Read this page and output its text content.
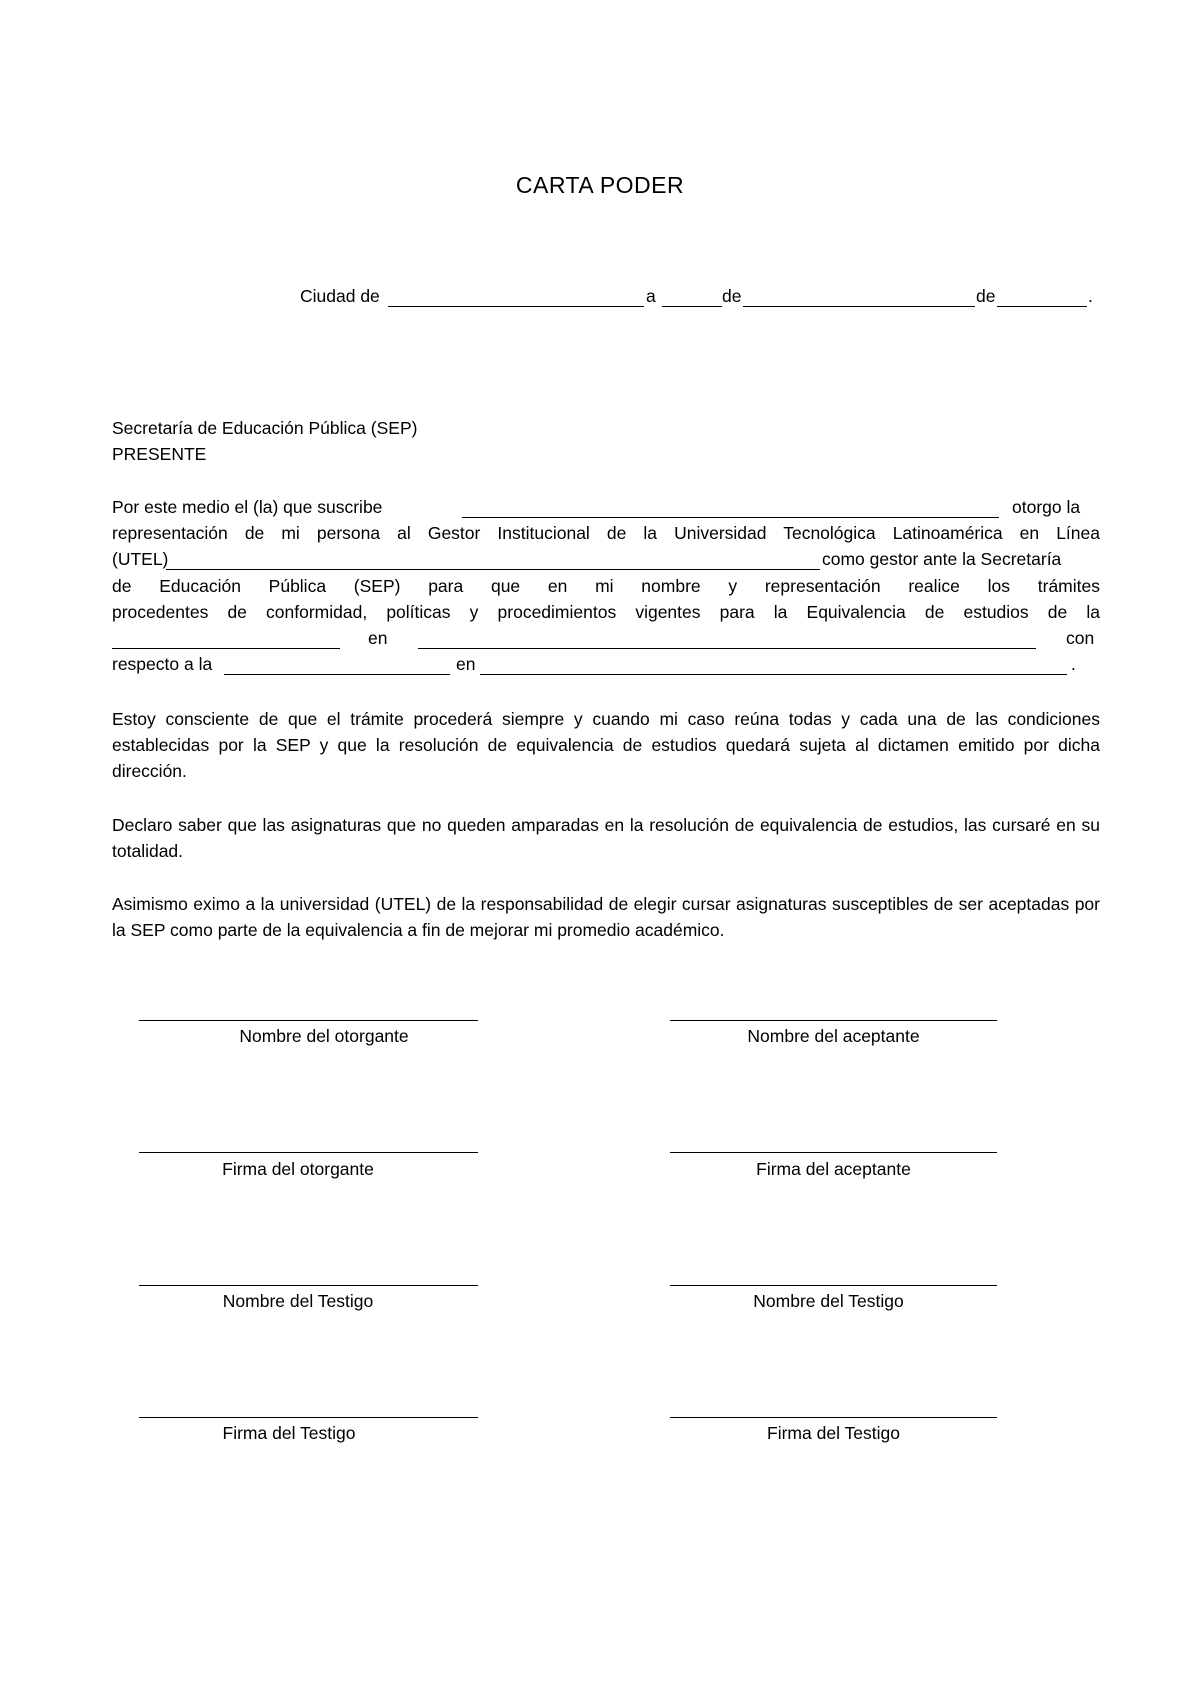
CARTA PODER
Ciudad de	a	de	de	.
Secretaría de Educación Pública (SEP)
PRESENTE
Por este medio el (la) que suscribe	otorgo la
representación de mi persona al Gestor Institucional de la Universidad Tecnológica Latinoamérica en Línea
(UTEL)	como gestor ante la Secretaría
de Educación Pública (SEP) para que en mi nombre y representación realice los trámites
procedentes de conformidad, políticas y procedimientos vigentes para la Equivalencia de estudios de la
en	con
respecto a la	en	.
Estoy consciente de que el trámite procederá siempre y cuando mi caso reúna todas y cada una de las condiciones establecidas por la SEP y que la resolución de equivalencia de estudios quedará sujeta al dictamen emitido por dicha dirección.
Declaro saber que las asignaturas que no queden amparadas en la resolución de equivalencia de estudios, las cursaré en su totalidad.
Asimismo eximo a la universidad (UTEL) de la responsabilidad de elegir cursar asignaturas susceptibles de ser aceptadas por la SEP como parte de la equivalencia a fin de mejorar mi promedio académico.
Nombre del otorgante	Nombre del aceptante
Firma del otorgante	Firma del aceptante
Nombre del Testigo	Nombre del Testigo
Firma del Testigo	Firma del Testigo
